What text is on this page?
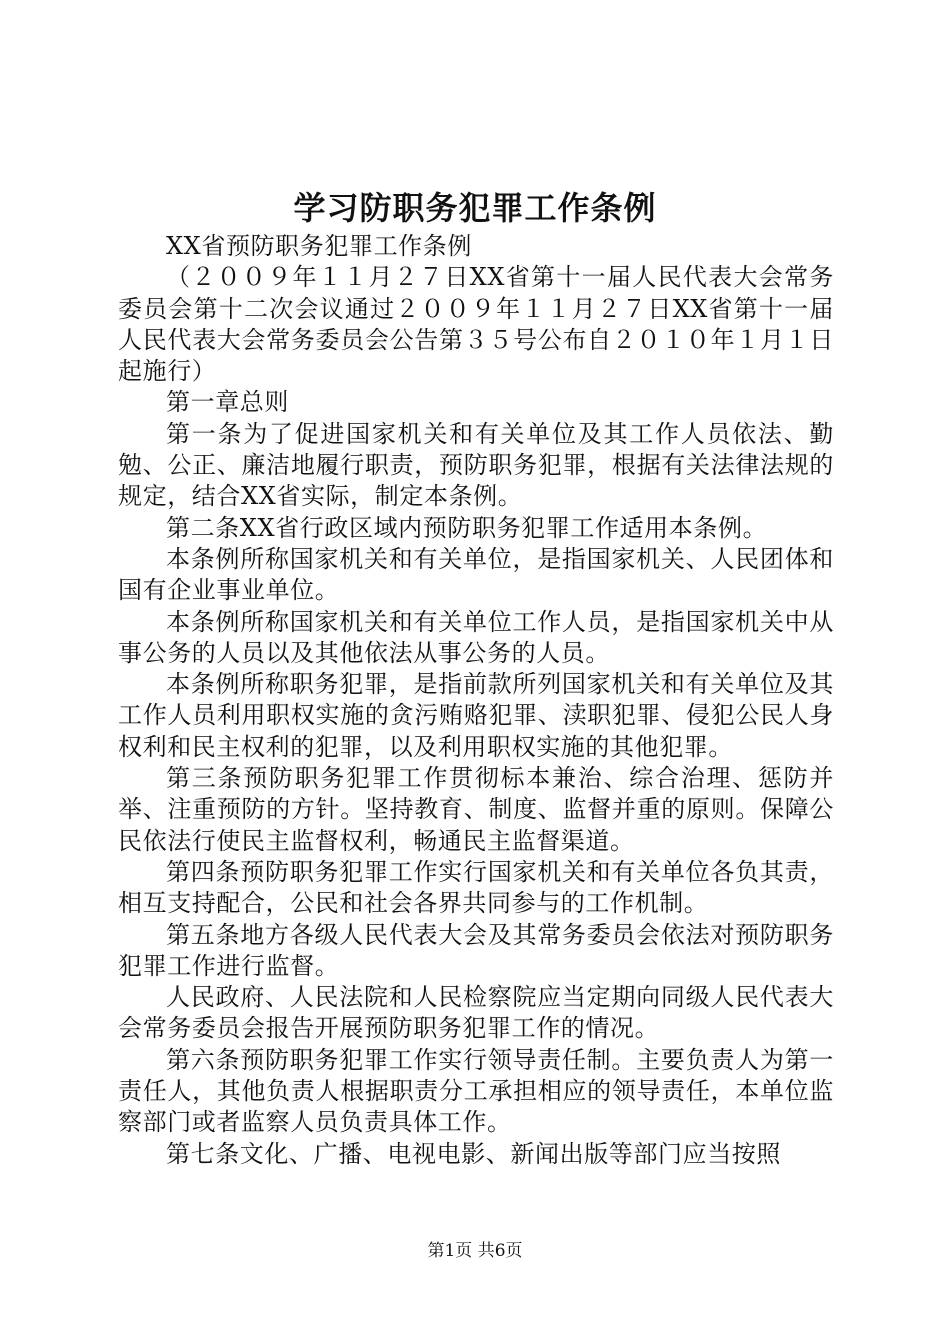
学习防职务犯罪工作条例

XX省预防职务犯罪工作条例

（２００９年１１月２７日XX省第十一届人民代表大会常务委员会第十二次会议通过２００９年１１月２７日XX省第十一届人民代表大会常务委员会公告第３５号公布自２０１０年１月１日起施行）

第一章总则

第一条为了促进国家机关和有关单位及其工作人员依法、勤勉、公正、廉洁地履行职责，预防职务犯罪，根据有关法律法规的规定，结合XX省实际，制定本条例。

第二条XX省行政区域内预防职务犯罪工作适用本条例。

本条例所称国家机关和有关单位，是指国家机关、人民团体和国有企业事业单位。

本条例所称国家机关和有关单位工作人员，是指国家机关中从事公务的人员以及其他依法从事公务的人员。

本条例所称职务犯罪，是指前款所列国家机关和有关单位及其工作人员利用职权实施的贪污贿赂犯罪、渎职犯罪、侵犯公民人身权利和民主权利的犯罪，以及利用职权实施的其他犯罪。

第三条预防职务犯罪工作贯彻标本兼治、综合治理、惩防并举、注重预防的方针。坚持教育、制度、监督并重的原则。保障公民依法行使民主监督权利，畅通民主监督渠道。

第四条预防职务犯罪工作实行国家机关和有关单位各负其责，相互支持配合，公民和社会各界共同参与的工作机制。

第五条地方各级人民代表大会及其常务委员会依法对预防职务犯罪工作进行监督。

人民政府、人民法院和人民检察院应当定期向同级人民代表大会常务委员会报告开展预防职务犯罪工作的情况。

第六条预防职务犯罪工作实行领导责任制。主要负责人为第一责任人，其他负责人根据职责分工承担相应的领导责任，本单位监察部门或者监察人员负责具体工作。

第七条文化、广播、电视电影、新闻出版等部门应当按照

第1页 共6页
